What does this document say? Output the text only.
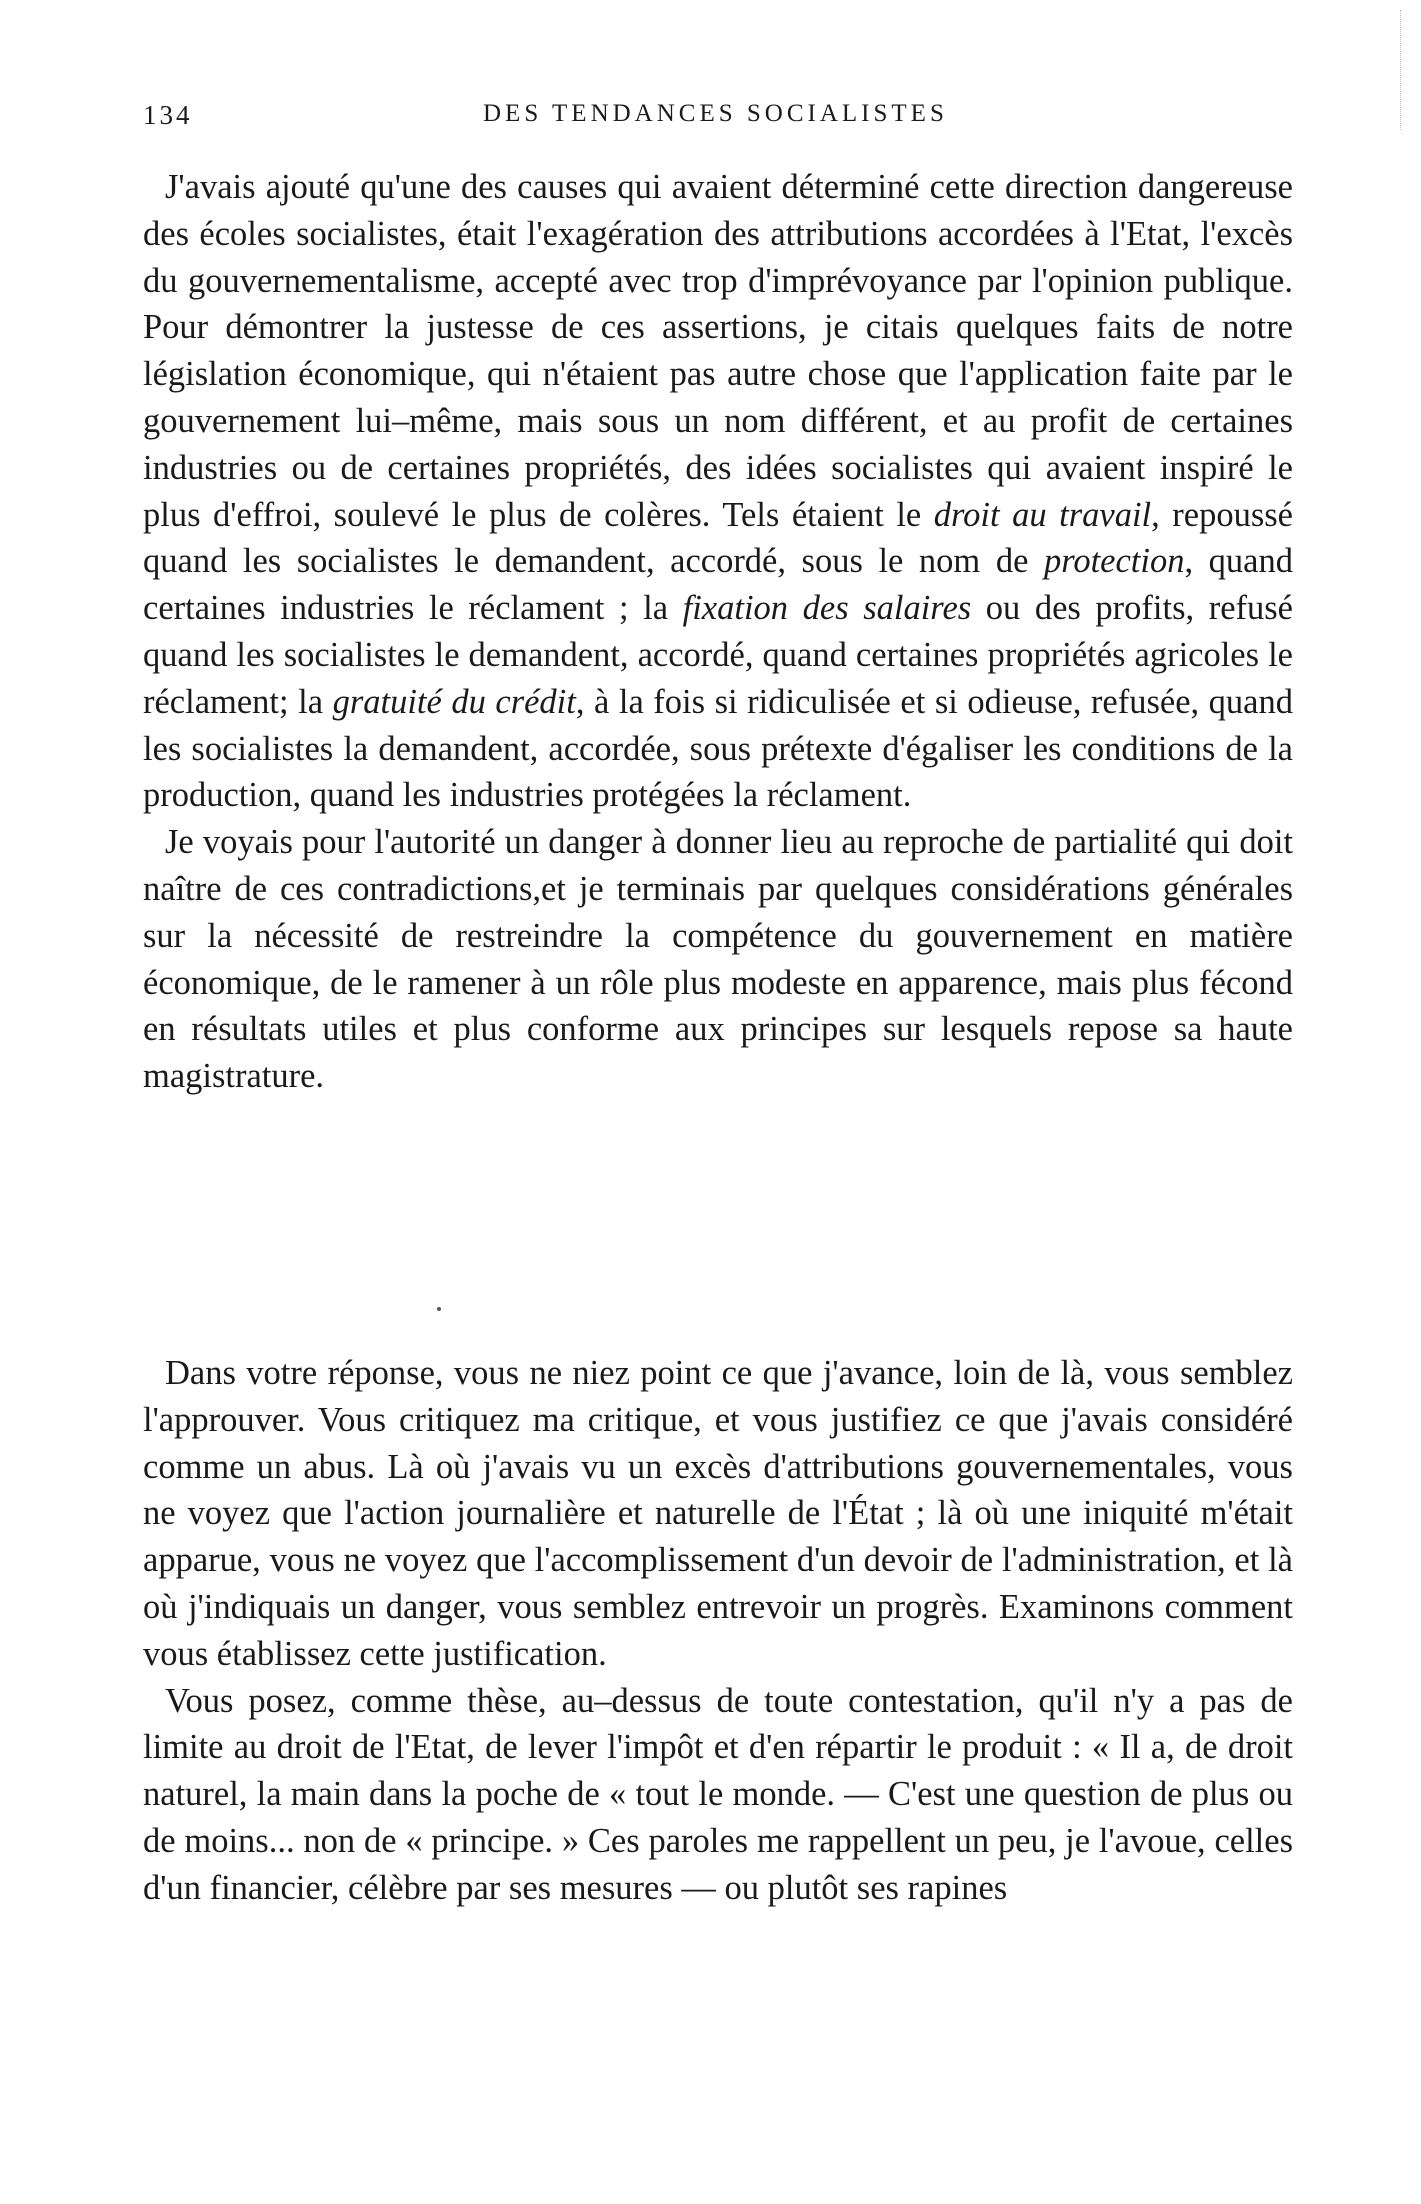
134	DES TENDANCES SOCIALISTES

J'avais ajouté qu'une des causes qui avaient déterminé cette direction dangereuse des écoles socialistes, était l'exagération des attributions accordées à l'Etat, l'excès du gouvernementalisme, accepté avec trop d'imprévoyance par l'opinion publique. Pour démontrer la justesse de ces assertions, je citais quelques faits de notre législation économique, qui n'étaient pas autre chose que l'application faite par le gouvernement lui–même, mais sous un nom différent, et au profit de certaines industries ou de certaines propriétés, des idées socialistes qui avaient inspiré le plus d'effroi, soulevé le plus de colères. Tels étaient le droit au travail, repoussé quand les socialistes le demandent, accordé, sous le nom de protection, quand certaines industries le réclament ; la fixation des salaires ou des profits, refusé quand les socialistes le demandent, accordé, quand certaines propriétés agricoles le réclament; la gratuité du crédit, à la fois si ridiculisée et si odieuse, refusée, quand les socialistes la demandent, accordée, sous prétexte d'égaliser les conditions de la production, quand les industries protégées la réclament.

Je voyais pour l'autorité un danger à donner lieu au reproche de partialité qui doit naître de ces contradictions,et je terminais par quelques considérations générales sur la nécessité de restreindre la compétence du gouvernement en matière économique, de le ramener à un rôle plus modeste en apparence, mais plus fécond en résultats utiles et plus conforme aux principes sur lesquels repose sa haute magistrature.

Dans votre réponse, vous ne niez point ce que j'avance, loin de là, vous semblez l'approuver. Vous critiquez ma critique, et vous justifiez ce que j'avais considéré comme un abus. Là où j'avais vu un excès d'attributions gouvernementales, vous ne voyez que l'action journalière et naturelle de l'État ; là où une iniquité m'était apparue, vous ne voyez que l'accomplissement d'un devoir de l'administration, et là où j'indiquais un danger, vous semblez entrevoir un progrès. Examinons comment vous établissez cette justification.

Vous posez, comme thèse, au–dessus de toute contestation, qu'il n'y a pas de limite au droit de l'Etat, de lever l'impôt et d'en répartir le produit : « Il a, de droit naturel, la main dans la poche de « tout le monde. — C'est une question de plus ou de moins... non de « principe. » Ces paroles me rappellent un peu, je l'avoue, celles d'un financier, célèbre par ses mesures — ou plutôt ses rapines
